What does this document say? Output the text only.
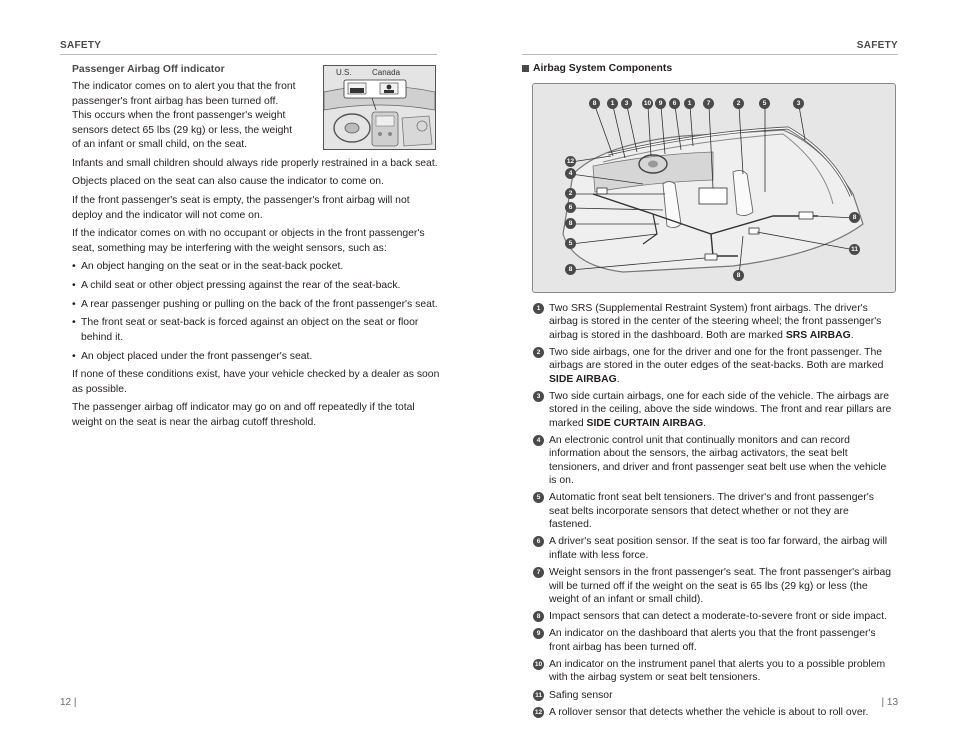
SAFETY	SAFETY
12 |	| 13
Passenger Airbag Off indicator

The indicator comes on to alert you that the front passenger's front airbag has been turned off. This occurs when the front passenger's weight sensors detect 65 lbs (29 kg) or less, the weight of an infant or small child, on the seat.

Infants and small children should always ride properly restrained in a back seat.

Objects placed on the seat can also cause the indicator to come on.

If the front passenger's seat is empty, the passenger's front airbag will not deploy and the indicator will not come on.

If the indicator comes on with no occupant or objects in the front passenger's seat, something may be interfering with the weight sensors, such as:

• An object hanging on the seat or in the seat-back pocket.
• A child seat or other object pressing against the rear of the seat-back.
• A rear passenger pushing or pulling on the back of the front passenger's seat.
• The front seat or seat-back is forced against an object on the seat or floor behind it.
• An object placed under the front passenger's seat.

If none of these conditions exist, have your vehicle checked by a dealer as soon as possible.

The passenger airbag off indicator may go on and off repeatedly if the total weight on the seat is near the airbag cutoff threshold.

U.S.	Canada	Airbag System Components
8	1	3	10	9	6	1	7	2	5	3
12
4
2
6
8
5
8
8
11
8
1 Two SRS (Supplemental Restraint System) front airbags. The driver's airbag is stored in the center of the steering wheel; the front passenger's airbag is stored in the dashboard. Both are marked SRS AIRBAG.
2 Two side airbags, one for the driver and one for the front passenger. The airbags are stored in the outer edges of the seat-backs. Both are marked SIDE AIRBAG.
3 Two side curtain airbags, one for each side of the vehicle. The airbags are stored in the ceiling, above the side windows. The front and rear pillars are marked SIDE CURTAIN AIRBAG.
4 An electronic control unit that continually monitors and can record information about the sensors, the airbag activators, the seat belt tensioners, and driver and front passenger seat belt use when the vehicle is on.
5 Automatic front seat belt tensioners. The driver's and front passenger's seat belts incorporate sensors that detect whether or not they are fastened.
6 A driver's seat position sensor. If the seat is too far forward, the airbag will inflate with less force.
7 Weight sensors in the front passenger's seat. The front passenger's airbag will be turned off if the weight on the seat is 65 lbs (29 kg) or less (the weight of an infant or small child).
8 Impact sensors that can detect a moderate-to-severe front or side impact.
9 An indicator on the dashboard that alerts you that the front passenger's front airbag has been turned off.
10 An indicator on the instrument panel that alerts you to a possible problem with the airbag system or seat belt tensioners.
11 Safing sensor
12 A rollover sensor that detects whether the vehicle is about to roll over.
